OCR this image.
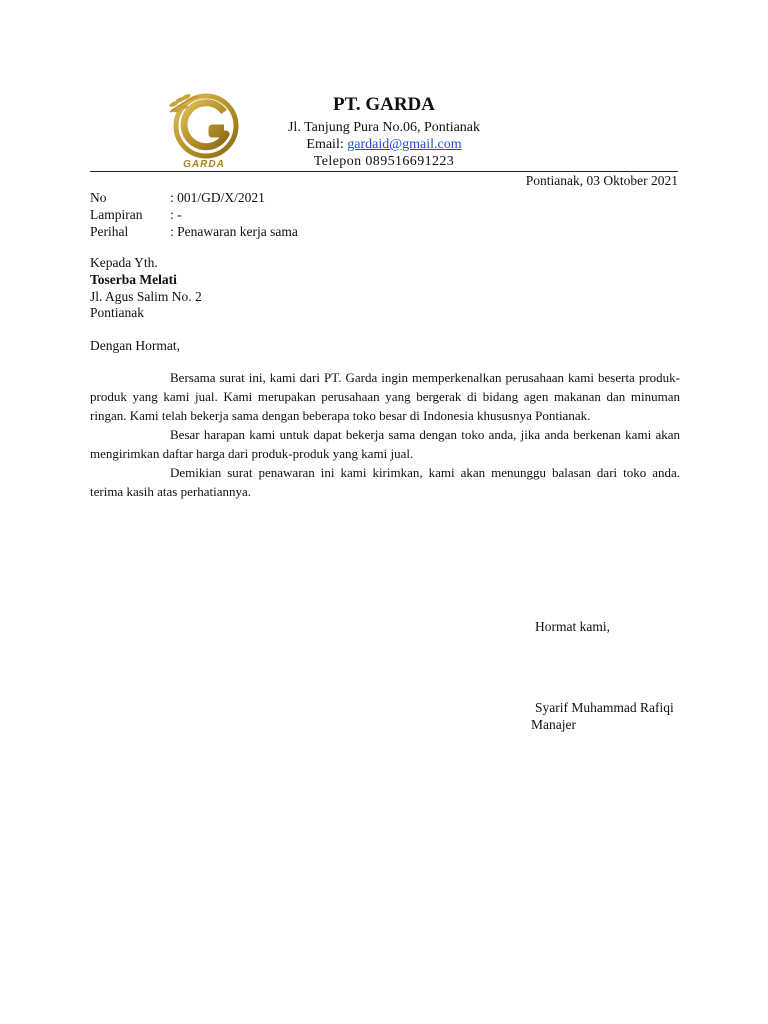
GARDA
PT. GARDA
Jl. Tanjung Pura No.06, Pontianak
Email: gardaid@gmail.com
Telepon 089516691223
Pontianak, 03 Oktober 2021
No	: 001/GD/X/2021
Lampiran : -
Perihal	: Penawaran kerja sama
Kepada Yth.
Toserba Melati
Jl. Agus Salim No. 2
Pontianak
Dengan Hormat,

Bersama surat ini, kami dari PT. Garda ingin memperkenalkan perusahaan kami beserta produk-produk yang kami jual. Kami merupakan perusahaan yang bergerak di bidang agen makanan dan minuman ringan. Kami telah bekerja sama dengan beberapa toko besar di Indonesia khususnya Pontianak.

Besar harapan kami untuk dapat bekerja sama dengan toko anda, jika anda berkenan kami akan mengirimkan daftar harga dari produk-produk yang kami jual.

Demikian surat penawaran ini kami kirimkan, kami akan menunggu balasan dari toko anda. terima kasih atas perhatiannya.

Hormat kami,
Syarif Muhammad Rafiqi
Manajer
